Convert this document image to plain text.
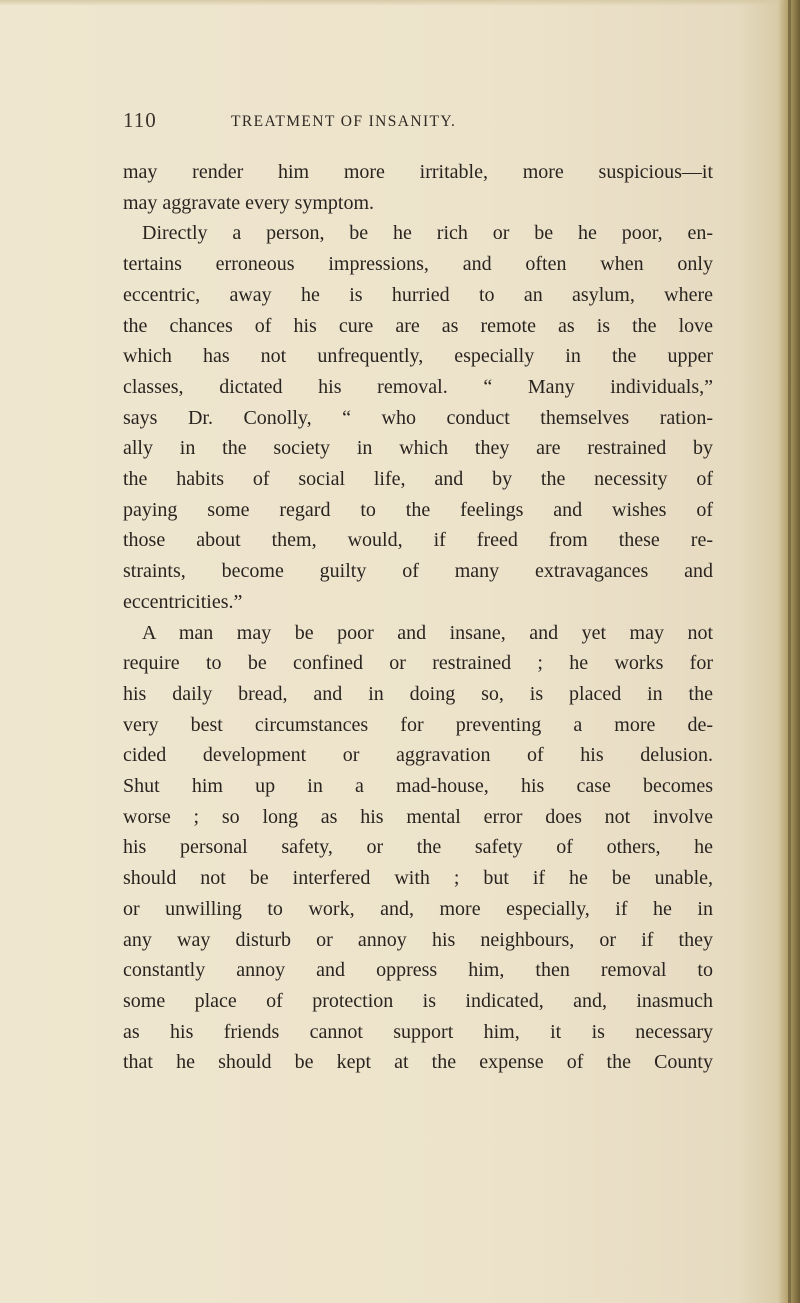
110	TREATMENT OF INSANITY.
may render him more irritable, more suspicious—it
may aggravate every symptom.
Directly a person, be he rich or be he poor, en-
tertains erroneous impressions, and often when only
eccentric, away he is hurried to an asylum, where
the chances of his cure are as remote as is the love
which has not unfrequently, especially in the upper
classes, dictated his removal. “ Many individuals,”
says Dr. Conolly, “ who conduct themselves ration-
ally in the society in which they are restrained by
the habits of social life, and by the necessity of
paying some regard to the feelings and wishes of
those about them, would, if freed from these re-
straints, become guilty of many extravagances and
eccentricities.”
A man may be poor and insane, and yet may not
require to be confined or restrained ; he works for
his daily bread, and in doing so, is placed in the
very best circumstances for preventing a more de-
cided development or aggravation of his delusion.
Shut him up in a mad-house, his case becomes
worse ; so long as his mental error does not involve
his personal safety, or the safety of others, he
should not be interfered with ; but if he be unable,
or unwilling to work, and, more especially, if he in
any way disturb or annoy his neighbours, or if they
constantly annoy and oppress him, then removal to
some place of protection is indicated, and, inasmuch
as his friends cannot support him, it is necessary
that he should be kept at the expense of the County
